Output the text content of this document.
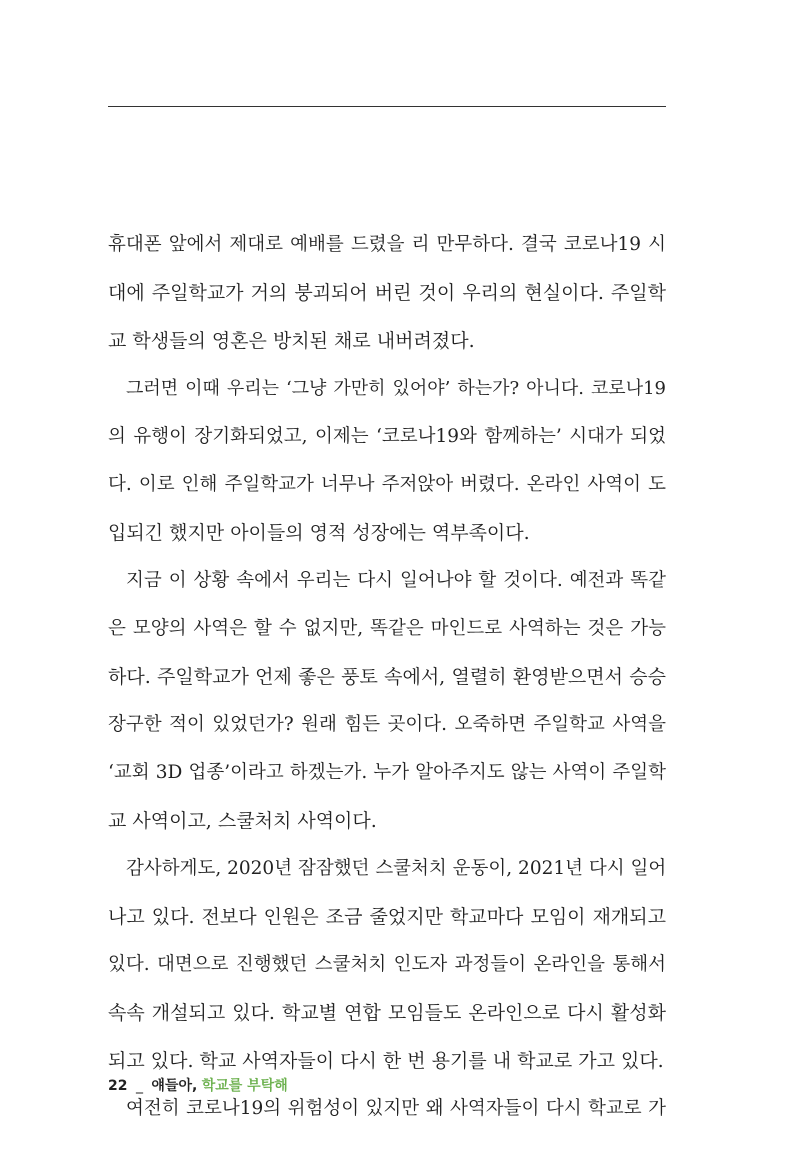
휴대폰 앞에서 제대로 예배를 드렸을 리 만무하다. 결국 코로나19 시
대에 주일학교가 거의 붕괴되어 버린 것이 우리의 현실이다. 주일학
교 학생들의 영혼은 방치된 채로 내버려졌다.
그러면 이때 우리는 ‘그냥 가만히 있어야’ 하는가? 아니다. 코로나19
의 유행이 장기화되었고, 이제는 ‘코로나19와 함께하는’ 시대가 되었
다. 이로 인해 주일학교가 너무나 주저앉아 버렸다. 온라인 사역이 도
입되긴 했지만 아이들의 영적 성장에는 역부족이다.
지금 이 상황 속에서 우리는 다시 일어나야 할 것이다. 예전과 똑같
은 모양의 사역은 할 수 없지만, 똑같은 마인드로 사역하는 것은 가능
하다. 주일학교가 언제 좋은 풍토 속에서, 열렬히 환영받으면서 승승
장구한 적이 있었던가? 원래 힘든 곳이다. 오죽하면 주일학교 사역을
‘교회 3D 업종’이라고 하겠는가. 누가 알아주지도 않는 사역이 주일학
교 사역이고, 스쿨처치 사역이다.
감사하게도, 2020년 잠잠했던 스쿨처치 운동이, 2021년 다시 일어
나고 있다. 전보다 인원은 조금 줄었지만 학교마다 모임이 재개되고
있다. 대면으로 진행했던 스쿨처치 인도자 과정들이 온라인을 통해서
속속 개설되고 있다. 학교별 연합 모임들도 온라인으로 다시 활성화
되고 있다. 학교 사역자들이 다시 한 번 용기를 내 학교로 가고 있다.
여전히 코로나19의 위험성이 있지만 왜 사역자들이 다시 학교로 가
22 _ 얘들아, 학교를 부탁해
